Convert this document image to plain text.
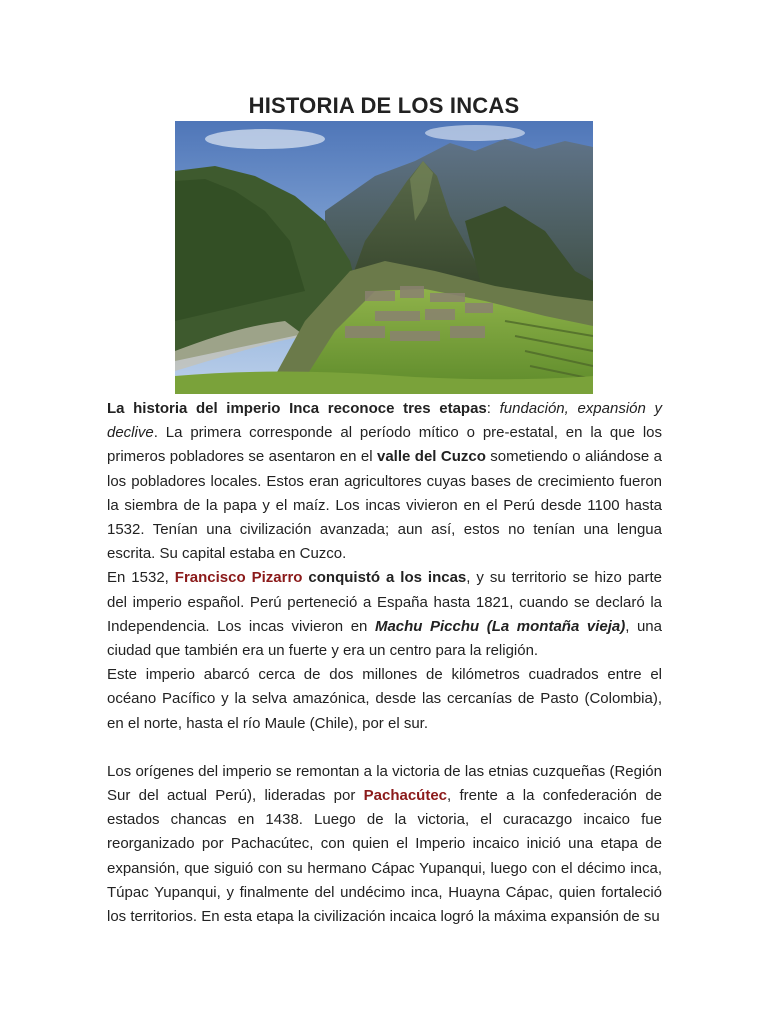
HISTORIA DE LOS INCAS

La historia del imperio Inca reconoce tres etapas: fundación, expansión y declive. La primera corresponde al período mítico o pre-estatal, en la que los primeros pobladores se asentaron en el valle del Cuzco sometiendo o aliándose a los pobladores locales. Estos eran agricultores cuyas bases de crecimiento fueron la siembra de la papa y el maíz. Los incas vivieron en el Perú desde 1100 hasta 1532. Tenían una civilización avanzada; aun así, estos no tenían una lengua escrita. Su capital estaba en Cuzco.

En 1532, Francisco Pizarro conquistó a los incas, y su territorio se hizo parte del imperio español. Perú perteneció a España hasta 1821, cuando se declaró la Independencia. Los incas vivieron en Machu Picchu (La montaña vieja), una ciudad que también era un fuerte y era un centro para la religión.

Este imperio abarcó cerca de dos millones de kilómetros cuadrados entre el océano Pacífico y la selva amazónica, desde las cercanías de Pasto (Colombia), en el norte, hasta el río Maule (Chile), por el sur.

Los orígenes del imperio se remontan a la victoria de las etnias cuzqueñas (Región Sur del actual Perú), lideradas por Pachacútec, frente a la confederación de estados chancas en 1438. Luego de la victoria, el curacazgo incaico fue reorganizado por Pachacútec, con quien el Imperio incaico inició una etapa de expansión, que siguió con su hermano Cápac Yupanqui, luego con el décimo inca, Túpac Yupanqui, y finalmente del undécimo inca, Huayna Cápac, quien fortaleció los territorios. En esta etapa la civilización incaica logró la máxima expansión de su
